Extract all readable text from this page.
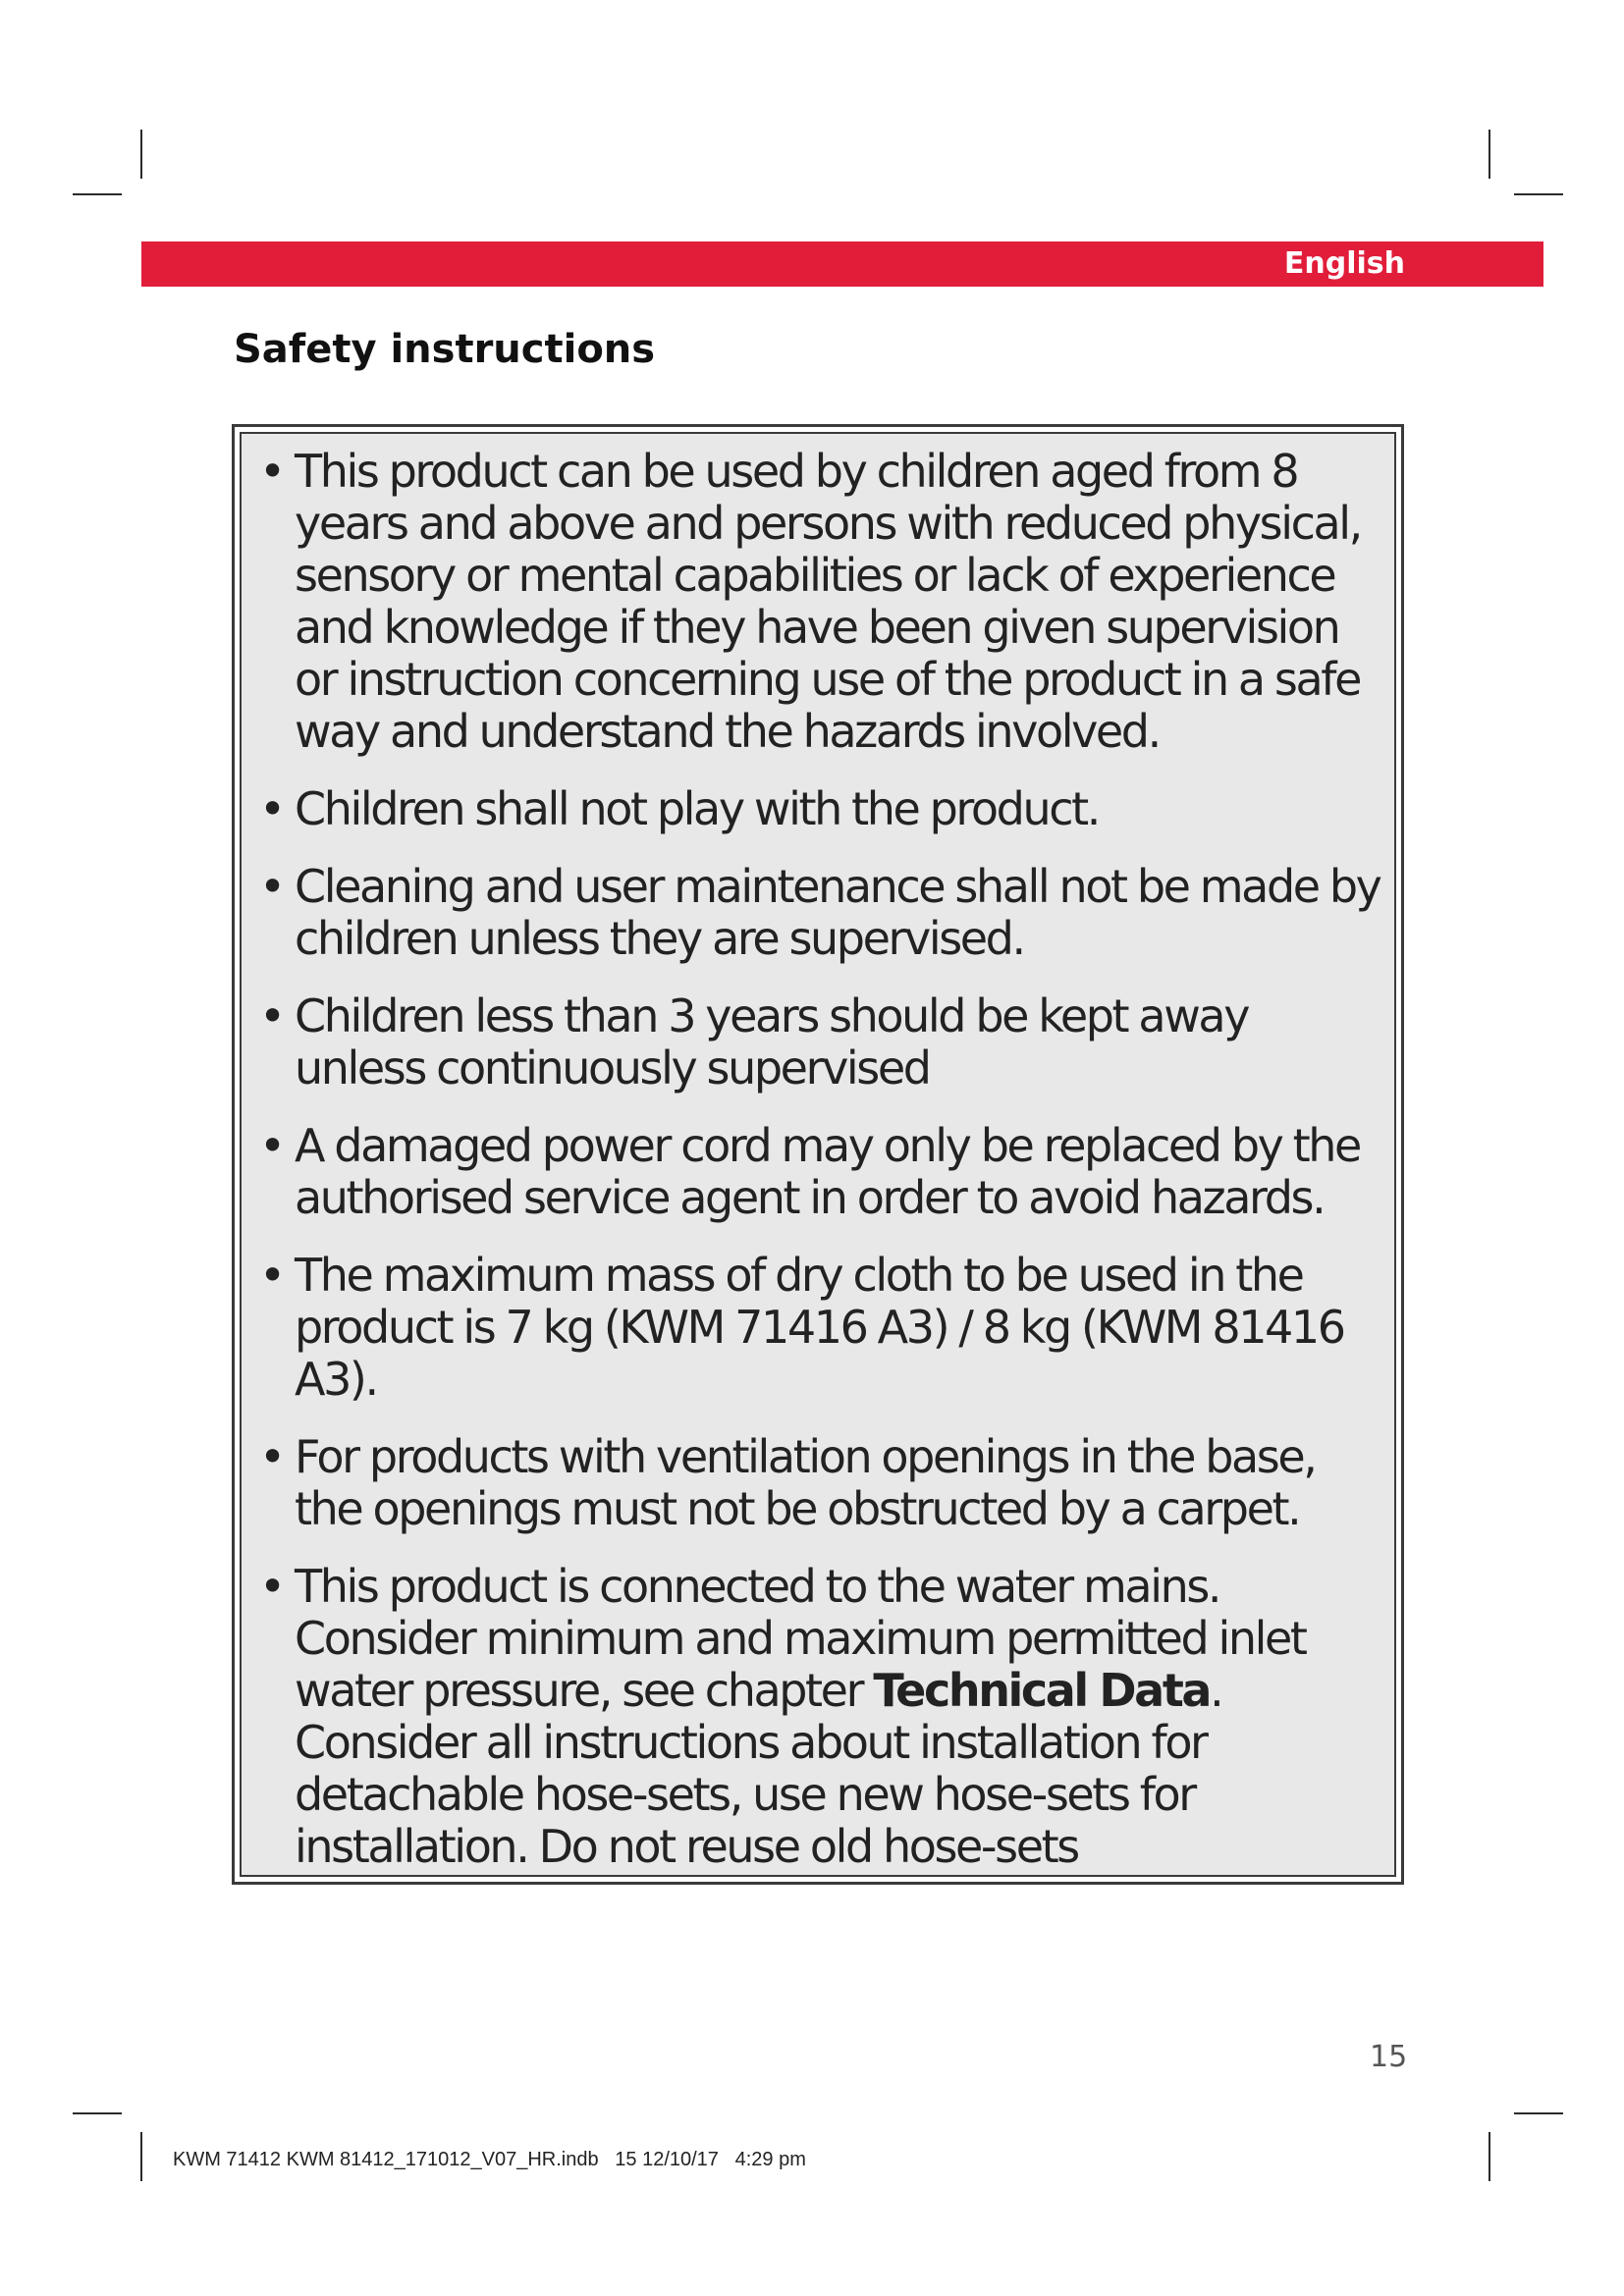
English
Safety instructions
• This product can be used by children aged from 8 years and above and persons with reduced physical, sensory or mental capabilities or lack of experience and knowledge if they have been given supervision or instruction concerning use of the product in a safe way and understand the hazards involved.
• Children shall not play with the product.
• Cleaning and user maintenance shall not be made by children unless they are supervised.
• Children less than 3 years should be kept away unless continuously supervised
• A damaged power cord may only be replaced by the authorised service agent in order to avoid hazards.
• The maximum mass of dry cloth to be used in the product is 7 kg (KWM 71416 A3) / 8 kg (KWM 81416 A3).
• For products with ventilation openings in the base, the openings must not be obstructed by a carpet.
• This product is connected to the water mains. Consider minimum and maximum permitted inlet water pressure, see chapter Technical Data. Consider all instructions about installation for detachable hose-sets, use new hose-sets for installation. Do not reuse old hose-sets
15
KWM 71412 KWM 81412_171012_V07_HR.indb   15 12/10/17   4:29 pm
